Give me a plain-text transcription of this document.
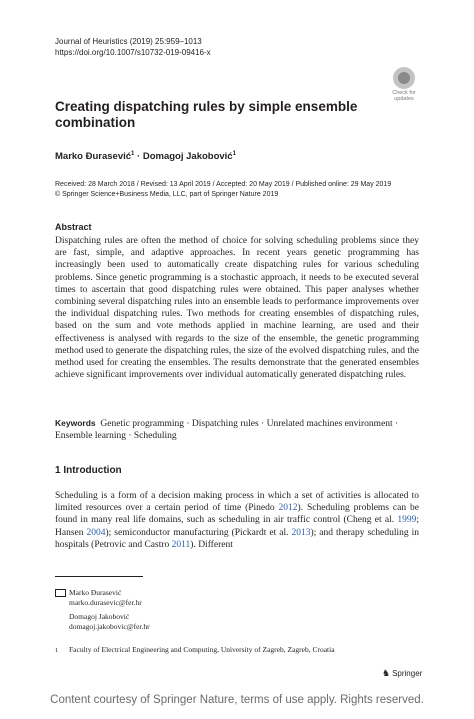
Journal of Heuristics (2019) 25:959–1013
https://doi.org/10.1007/s10732-019-09416-x
Check for
updates
Creating dispatching rules by simple ensemble combination
Marko Đurasević$^1$ · Domagoj Jakobović$^1$
Received: 28 March 2018 / Revised: 13 April 2019 / Accepted: 20 May 2019 / Published online: 29 May 2019
© Springer Science+Business Media, LLC, part of Springer Nature 2019
Abstract
Dispatching rules are often the method of choice for solving scheduling problems since they are fast, simple, and adaptive approaches. In recent years genetic programming has increasingly been used to automatically create dispatching rules for various scheduling problems. Since genetic programming is a stochastic approach, it needs to be executed several times to ascertain that good dispatching rules were obtained. This paper analyses whether combining several dispatching rules into an ensemble leads to performance improvements over the individual dispatching rules. Two methods for creating ensembles of dispatching rules, based on the sum and vote methods applied in machine learning, are used and their effectiveness is analysed with regards to the size of the ensemble, the genetic programming method used to generate the dispatching rules, the size of the evolved dispatching rules, and the method used for creating the ensembles. The results demonstrate that the generated ensembles achieve significant improvements over individual automatically generated dispatching rules.
Keywords Genetic programming · Dispatching rules · Unrelated machines environment · Ensemble learning · Scheduling
1 Introduction
Scheduling is a form of a decision making process in which a set of activities is allocated to limited resources over a certain period of time (Pinedo 2012). Scheduling problems can be found in many real life domains, such as scheduling in air traffic control (Cheng et al. 1999; Hansen 2004); semiconductor manufacturing (Pickardt et al. 2013); and therapy scheduling in hospitals (Petrovic and Castro 2011). Different
Marko Đurasević
marko.durasevic@fer.hr
Domagoj Jakobović
domagoj.jakobovic@fer.hr
1 Faculty of Electrical Engineering and Computing, University of Zagreb, Zagreb, Croatia
♞ Springer
Content courtesy of Springer Nature, terms of use apply. Rights reserved.
